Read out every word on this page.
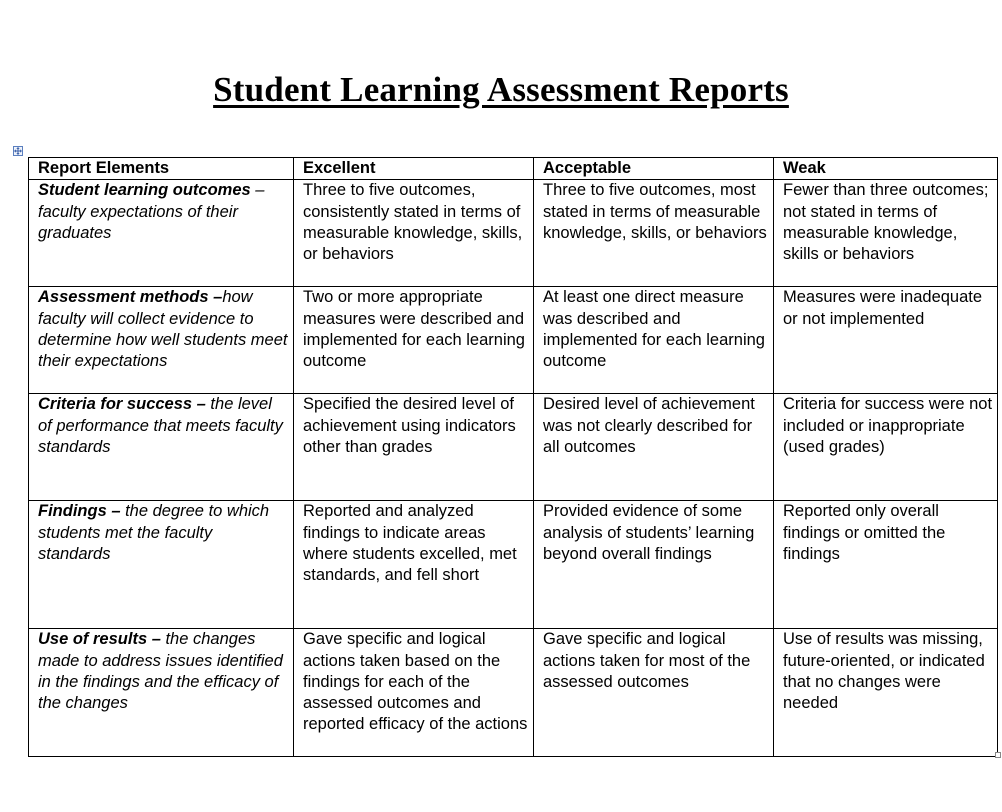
Student Learning Assessment Reports
Report Elements	Excellent	Acceptable	Weak
Student learning outcomes – faculty expectations of their graduates	Three to five outcomes, consistently stated in terms of measurable knowledge, skills, or behaviors	Three to five outcomes, most stated in terms of measurable knowledge, skills, or behaviors	Fewer than three outcomes; not stated in terms of measurable knowledge, skills or behaviors
Assessment methods –how faculty will collect evidence to determine how well students meet their expectations	Two or more appropriate measures were described and implemented for each learning outcome	At least one direct measure was described and implemented for each learning outcome	Measures were inadequate or not implemented
Criteria for success – the level of performance that meets faculty standards	Specified the desired level of achievement using indicators other than grades	Desired level of achievement was not clearly described for all outcomes	Criteria for success were not included or inappropriate (used grades)
Findings – the degree to which students met the faculty standards	Reported and analyzed findings to indicate areas where students excelled, met standards, and fell short	Provided evidence of some analysis of students’ learning beyond overall findings	Reported only overall findings or omitted the findings
Use of results – the changes made to address issues identified in the findings and the efficacy of the changes	Gave specific and logical actions taken based on the findings for each of the assessed outcomes and reported efficacy of the actions	Gave specific and logical actions taken for most of the assessed outcomes	Use of results was missing, future-oriented, or indicated that no changes were needed
